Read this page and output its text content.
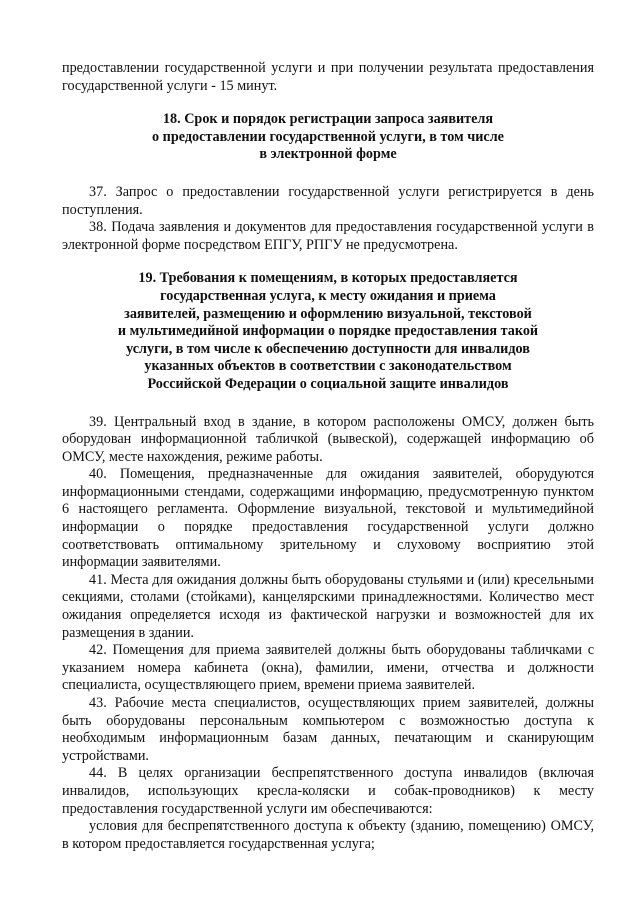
предоставлении государственной услуги и при получении результата предоставления государственной услуги - 15 минут.

18. Срок и порядок регистрации запроса заявителя
о предоставлении государственной услуги, в том числе
в электронной форме

37. Запрос о предоставлении государственной услуги регистрируется в день поступления.

38. Подача заявления и документов для предоставления государственной услуги в электронной форме посредством ЕПГУ, РПГУ не предусмотрена.

19. Требования к помещениям, в которых предоставляется
государственная услуга, к месту ожидания и приема
заявителей, размещению и оформлению визуальной, текстовой
и мультимедийной информации о порядке предоставления такой
услуги, в том числе к обеспечению доступности для инвалидов
указанных объектов в соответствии с законодательством
Российской Федерации о социальной защите инвалидов

39. Центральный вход в здание, в котором расположены ОМСУ, должен быть оборудован информационной табличкой (вывеской), содержащей информацию об ОМСУ, месте нахождения, режиме работы.

40. Помещения, предназначенные для ожидания заявителей, оборудуются информационными стендами, содержащими информацию, предусмотренную пунктом 6 настоящего регламента. Оформление визуальной, текстовой и мультимедийной информации о порядке предоставления государственной услуги должно соответствовать оптимальному зрительному и слуховому восприятию этой информации заявителями.

41. Места для ожидания должны быть оборудованы стульями и (или) кресельными секциями, столами (стойками), канцелярскими принадлежностями. Количество мест ожидания определяется исходя из фактической нагрузки и возможностей для их размещения в здании.

42. Помещения для приема заявителей должны быть оборудованы табличками с указанием номера кабинета (окна), фамилии, имени, отчества и должности специалиста, осуществляющего прием, времени приема заявителей.

43. Рабочие места специалистов, осуществляющих прием заявителей, должны быть оборудованы персональным компьютером с возможностью доступа к необходимым информационным базам данных, печатающим и сканирующим устройствами.

44. В целях организации беспрепятственного доступа инвалидов (включая инвалидов, использующих кресла-коляски и собак-проводников) к месту предоставления государственной услуги им обеспечиваются:

условия для беспрепятственного доступа к объекту (зданию, помещению) ОМСУ, в котором предоставляется государственная услуга;
